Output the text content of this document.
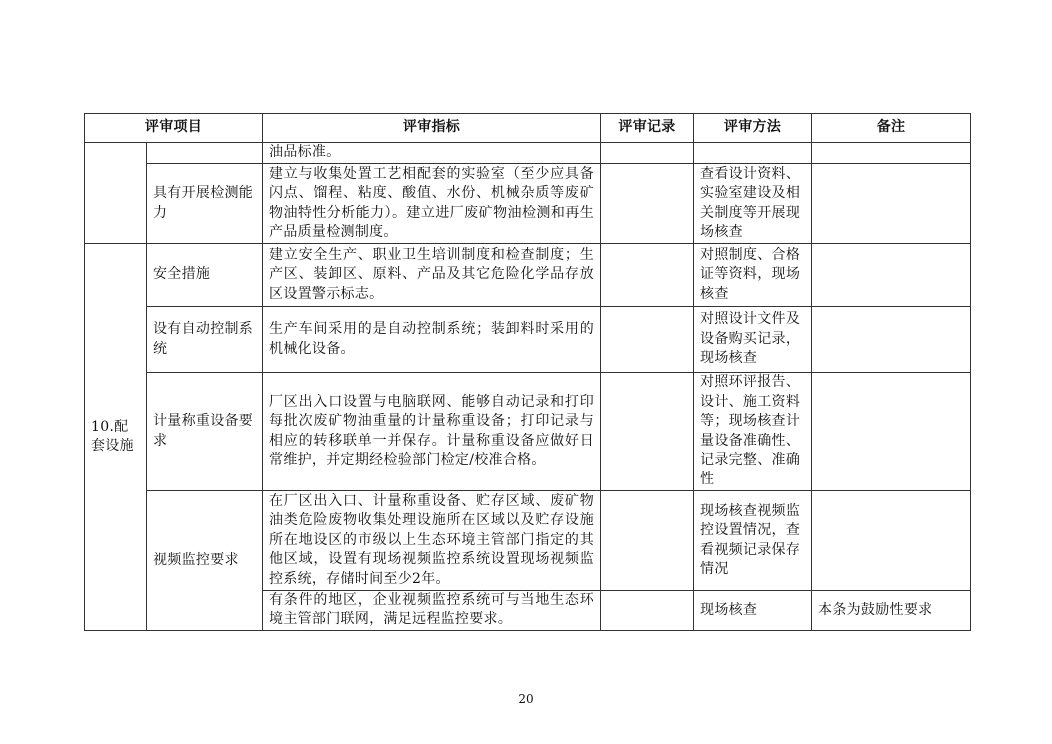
评审项目		评审指标	评审记录	评审方法	备注
		油品标准。			
	具有开展检测能力	建立与收集处置工艺相配套的实验室（至少应具备闪点、馏程、粘度、酸值、水份、机械杂质等废矿物油特性分析能力）。建立进厂废矿物油检测和再生产品质量检测制度。		查看设计资料、实验室建设及相关制度等开展现场核查	
10.配套设施	安全措施	建立安全生产、职业卫生培训制度和检查制度；生产区、装卸区、原料、产品及其它危险化学品存放区设置警示标志。		对照制度、合格证等资料，现场核查	
	设有自动控制系统	生产车间采用的是自动控制系统；装卸料时采用的机械化设备。		对照设计文件及设备购买记录，现场核查	
	计量称重设备要求	厂区出入口设置与电脑联网、能够自动记录和打印每批次废矿物油重量的计量称重设备；打印记录与相应的转移联单一并保存。计量称重设备应做好日常维护，并定期经检验部门检定/校准合格。		对照环评报告、设计、施工资料等；现场核查计量设备准确性、记录完整、准确性	
	视频监控要求	在厂区出入口、计量称重设备、贮存区域、废矿物油类危险废物收集处理设施所在区域以及贮存设施所在地设区的市级以上生态环境主管部门指定的其他区域，设置有现场视频监控系统设置现场视频监控系统，存储时间至少2年。		现场核查视频监控设置情况，查看视频记录保存情况	
		有条件的地区，企业视频监控系统可与当地生态环境主管部门联网，满足远程监控要求。		现场核查	本条为鼓励性要求
20
